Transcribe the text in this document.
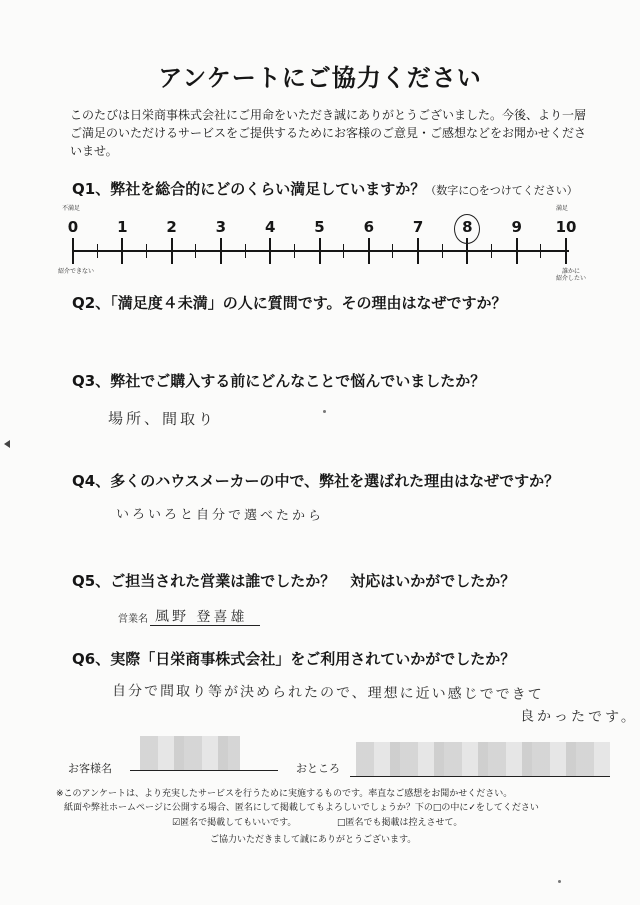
アンケートにご協力ください
このたびは日栄商事株式会社にご用命をいただき誠にありがとうございました。今後、より一層ご満足のいただけるサービスをご提供するためにお客様のご意見・ご感想などをお聞かせくださいませ。
Q1、弊社を総合的にどのくらい満足していますか？（数字に○をつけてください）
不満足	満足
0	1	2	3	4	5	6	7	8	9	10
紹介できない	誰かに
紹介したい
Q2、「満足度４未満」の人に質問です。その理由はなぜですか？
Q3、弊社でご購入する前にどんなことで悩んでいましたか？
場所、間取り
Q4、多くのハウスメーカーの中で、弊社を選ばれた理由はなぜですか？
いろいろと自分で選べたから
Q5、ご担当された営業は誰でしたか？　対応はいかがでしたか？
営業名 風野 登喜雄
Q6、実際「日栄商事株式会社」をご利用されていかがでしたか？
自分で間取り等が決められたので、理想に近い感じでできて
良かったです。
お客様名	おところ
※このアンケートは、より充実したサービスを行うために実施するものです。率直なご感想をお聞かせください。
紙面や弊社ホームページに公開する場合、匿名にして掲載してもよろしいでしょうか？下の□の中に✓をしてください
☑匿名で掲載してもいいです。	□匿名でも掲載は控えさせて。
ご協力いただきまして誠にありがとうございます。
